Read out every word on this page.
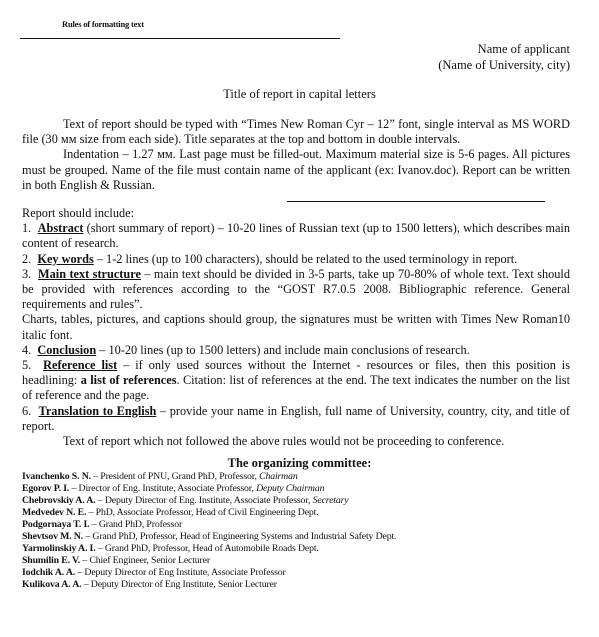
Rules of formatting text
Name of applicant
(Name of University, city)
Title of report in capital letters

Text of report should be typed with “Times New Roman Cyr – 12” font, single interval as MS WORD file (30 мм size from each side). Title separates at the top and bottom in double intervals.

Indentation – 1.27 мм. Last page must be filled-out. Maximum material size is 5-6 pages. All pictures must be grouped. Name of the file must contain name of the applicant (ex: Ivanov.doc). Report can be written in both English & Russian.

Report should include:

1. Abstract (short summary of report) – 10-20 lines of Russian text (up to 1500 letters), which describes main content of research.

2. Key words – 1-2 lines (up to 100 characters), should be related to the used terminology in report.

3. Main text structure – main text should be divided in 3-5 parts, take up 70-80% of whole text. Text should be provided with references according to the “GOST R7.0.5 2008. Bibliographic reference. General requirements and rules”.

Charts, tables, pictures, and captions should group, the signatures must be written with Times New Roman10 italic font.

4. Conclusion – 10-20 lines (up to 1500 letters) and include main conclusions of research.

5. Reference list – if only used sources without the Internet - resources or files, then this position is headlining: a list of references. Citation: list of references at the end. The text indicates the number on the list of reference and the page.

6. Translation to English – provide your name in English, full name of University, country, city, and title of report.

Text of report which not followed the above rules would not be proceeding to conference.

The organizing committee:
Ivanchenko S. N. – President of PNU, Grand PhD, Professor, Chairman
Egorov P. I. – Director of Eng. Institute, Associate Professor, Deputy Chairman
Chebrovskiy A. A. – Deputy Director of Eng. Institute, Associate Professor, Secretary
Medvedev N. E. – PhD, Associate Professor, Head of Civil Engineering Dept.
Podgornaya T. I. – Grand PhD, Professor
Shevtsov M. N. – Grand PhD, Professor, Head of Engineering Systems and Industrial Safety Dept.
Yarmolinskiy A. I. – Grand PhD, Professor, Head of Automobile Roads Dept.
Shumilin E. V. – Chief Engineer, Senior Lecturer
Iodchik A. A. – Deputy Director of Eng Institute, Associate Professor
Kulikova A. A. – Deputy Director of Eng Institute, Senior Lecturer
